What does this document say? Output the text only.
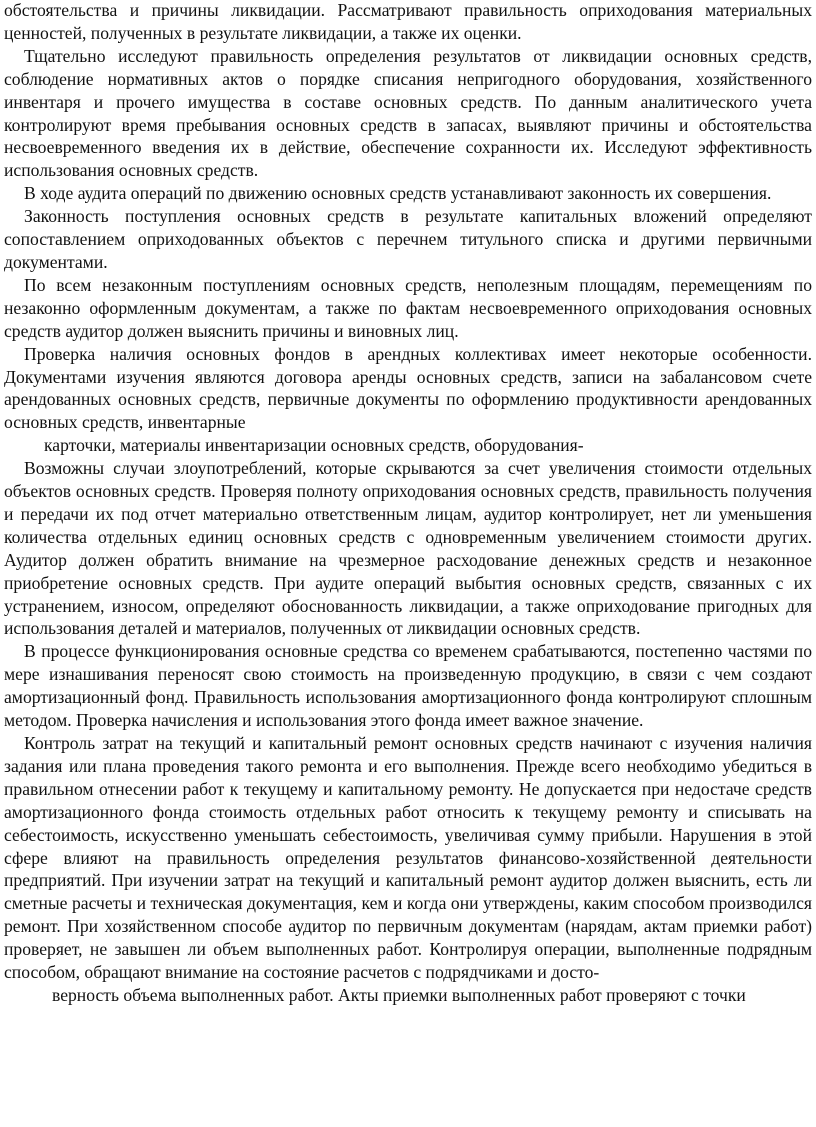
обстоятельства и причины ликвидации. Рассматривают правильность оприходования материальных ценностей, полученных в результате ликвидации, а также их оценки.

Тщательно исследуют правильность определения результатов от ликвидации основных средств, соблюдение нормативных актов о порядке списания непригодного оборудования, хозяйственного инвентаря и прочего имущества в составе основных средств. По данным аналитического учета контролируют время пребывания основных средств в запасах, выявляют причины и обстоятельства несвоевременного введения их в действие, обеспечение сохранности их. Исследуют эффективность использования основных средств.

В ходе аудита операций по движению основных средств устанавливают законность их совершения.

Законность поступления основных средств в результате капитальных вложений определяют сопоставлением оприходованных объектов с перечнем титульного списка и другими первичными документами.

По всем незаконным поступлениям основных средств, неполезным площадям, перемещениям по незаконно оформленным документам, а также по фактам несвоевременного оприходования основных средств аудитор должен выяснить причины и виновных лиц.

Проверка наличия основных фондов в арендных коллективах имеет некоторые особенности. Документами изучения являются договора аренды основных средств, записи на забалансовом счете арендованных основных средств, первичные документы по оформлению продуктивности арендованных основных средств, инвентарные

карточки, материалы инвентаризации основных средств, оборудования-

Возможны случаи злоупотреблений, которые скрываются за счет увеличения стоимости отдельных объектов основных средств. Проверяя полноту оприходования основных средств, правильность получения и передачи их под отчет материально ответственным лицам, аудитор контролирует, нет ли уменьшения количества отдельных единиц основных средств с одновременным увеличением стоимости других. Аудитор должен обратить внимание на чрезмерное расходование денежных средств и незаконное приобретение основных средств. При аудите операций выбытия основных средств, связанных с их устранением, износом, определяют обоснованность ликвидации, а также оприходование пригодных для использования деталей и материалов, полученных от ликвидации основных средств.

В процессе функционирования основные средства со временем срабатываются, постепенно частями по мере изнашивания переносят свою стоимость на произведенную продукцию, в связи с чем создают амортизационный фонд. Правильность использования амортизационного фонда контролируют сплошным методом. Проверка начисления и использования этого фонда имеет важное значение.

Контроль затрат на текущий и капитальный ремонт основных средств начинают с изучения наличия задания или плана проведения такого ремонта и его выполнения. Прежде всего необходимо убедиться в правильном отнесении работ к текущему и капитальному ремонту. Не допускается при недостаче средств амортизационного фонда стоимость отдельных работ относить к текущему ремонту и списывать на себестоимость, искусственно уменьшать себестоимость, увеличивая сумму прибыли. Нарушения в этой сфере влияют на правильность определения результатов финансово-хозяйственной деятельности предприятий. При изучении затрат на текущий и капитальный ремонт аудитор должен выяснить, есть ли сметные расчеты и техническая документация, кем и когда они утверждены, каким способом производился ремонт. При хозяйственном способе аудитор по первичным документам (нарядам, актам приемки работ) проверяет, не завышен ли объем выполненных работ. Контролируя операции, выполненные подрядным способом, обращают внимание на состояние расчетов с подрядчиками и досто-

верность объема выполненных работ. Акты приемки выполненных работ проверяют с точки
